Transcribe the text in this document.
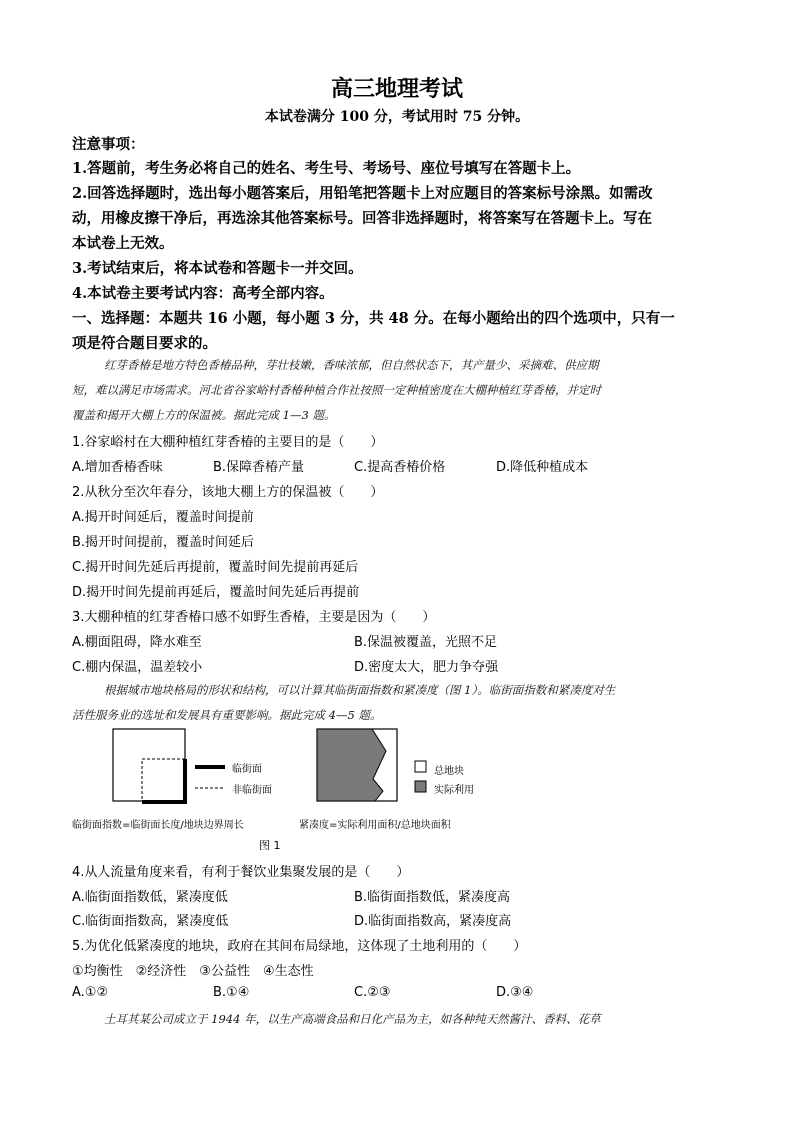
高三地理考试
本试卷满分 100 分，考试用时 75 分钟。
注意事项：
1.答题前，考生务必将自己的姓名、考生号、考场号、座位号填写在答题卡上。
2.回答选择题时，选出每小题答案后，用铅笔把答题卡上对应题目的答案标号涂黑。如需改
动，用橡皮擦干净后，再选涂其他答案标号。回答非选择题时，将答案写在答题卡上。写在
本试卷上无效。
3.考试结束后，将本试卷和答题卡一并交回。
4.本试卷主要考试内容：高考全部内容。
一、选择题：本题共 16 小题，每小题 3 分，共 48 分。在每小题给出的四个选项中，只有一
项是符合题目要求的。
红芽香椿是地方特色香椿品种，芽壮枝嫩，香味浓郁，但自然状态下，其产量少、采摘难、供应期
短，难以满足市场需求。河北省谷家峪村香椿种植合作社按照一定种植密度在大棚种植红芽香椿，并定时
覆盖和揭开大棚上方的保温被。据此完成 1—3 题。
1.谷家峪村在大棚种植红芽香椿的主要目的是（　　）
A.增加香椿香味	B.保障香椿产量	C.提高香椿价格	D.降低种植成本
2.从秋分至次年春分，该地大棚上方的保温被（　　）
A.揭开时间延后，覆盖时间提前
B.揭开时间提前，覆盖时间延后
C.揭开时间先延后再提前，覆盖时间先提前再延后
D.揭开时间先提前再延后，覆盖时间先延后再提前
3.大棚种植的红芽香椿口感不如野生香椿，主要是因为（　　）
A.棚面阻碍，降水难至	B.保温被覆盖，光照不足
C.棚内保温，温差较小	D.密度太大，肥力争夺强
根据城市地块格局的形状和结构，可以计算其临街面指数和紧凑度（图 1）。临街面指数和紧凑度对生
活性服务业的选址和发展具有重要影响。据此完成 4—5 题。
临街面
非临街面
总地块
实际利用
临街面指数=临街面长度/地块边界周长	紧凑度=实际利用面积/总地块面积
图 1
4.从人流量角度来看，有利于餐饮业集聚发展的是（　　）
A.临街面指数低，紧凑度低	B.临街面指数低，紧凑度高
C.临街面指数高，紧凑度低	D.临街面指数高，紧凑度高
5.为优化低紧凑度的地块，政府在其间布局绿地，这体现了土地利用的（　　）
①均衡性　②经济性　③公益性　④生态性
A.①②	B.①④	C.②③	D.③④
土耳其某公司成立于 1944 年，以生产高端食品和日化产品为主，如各种纯天然酱汁、香料、花草
